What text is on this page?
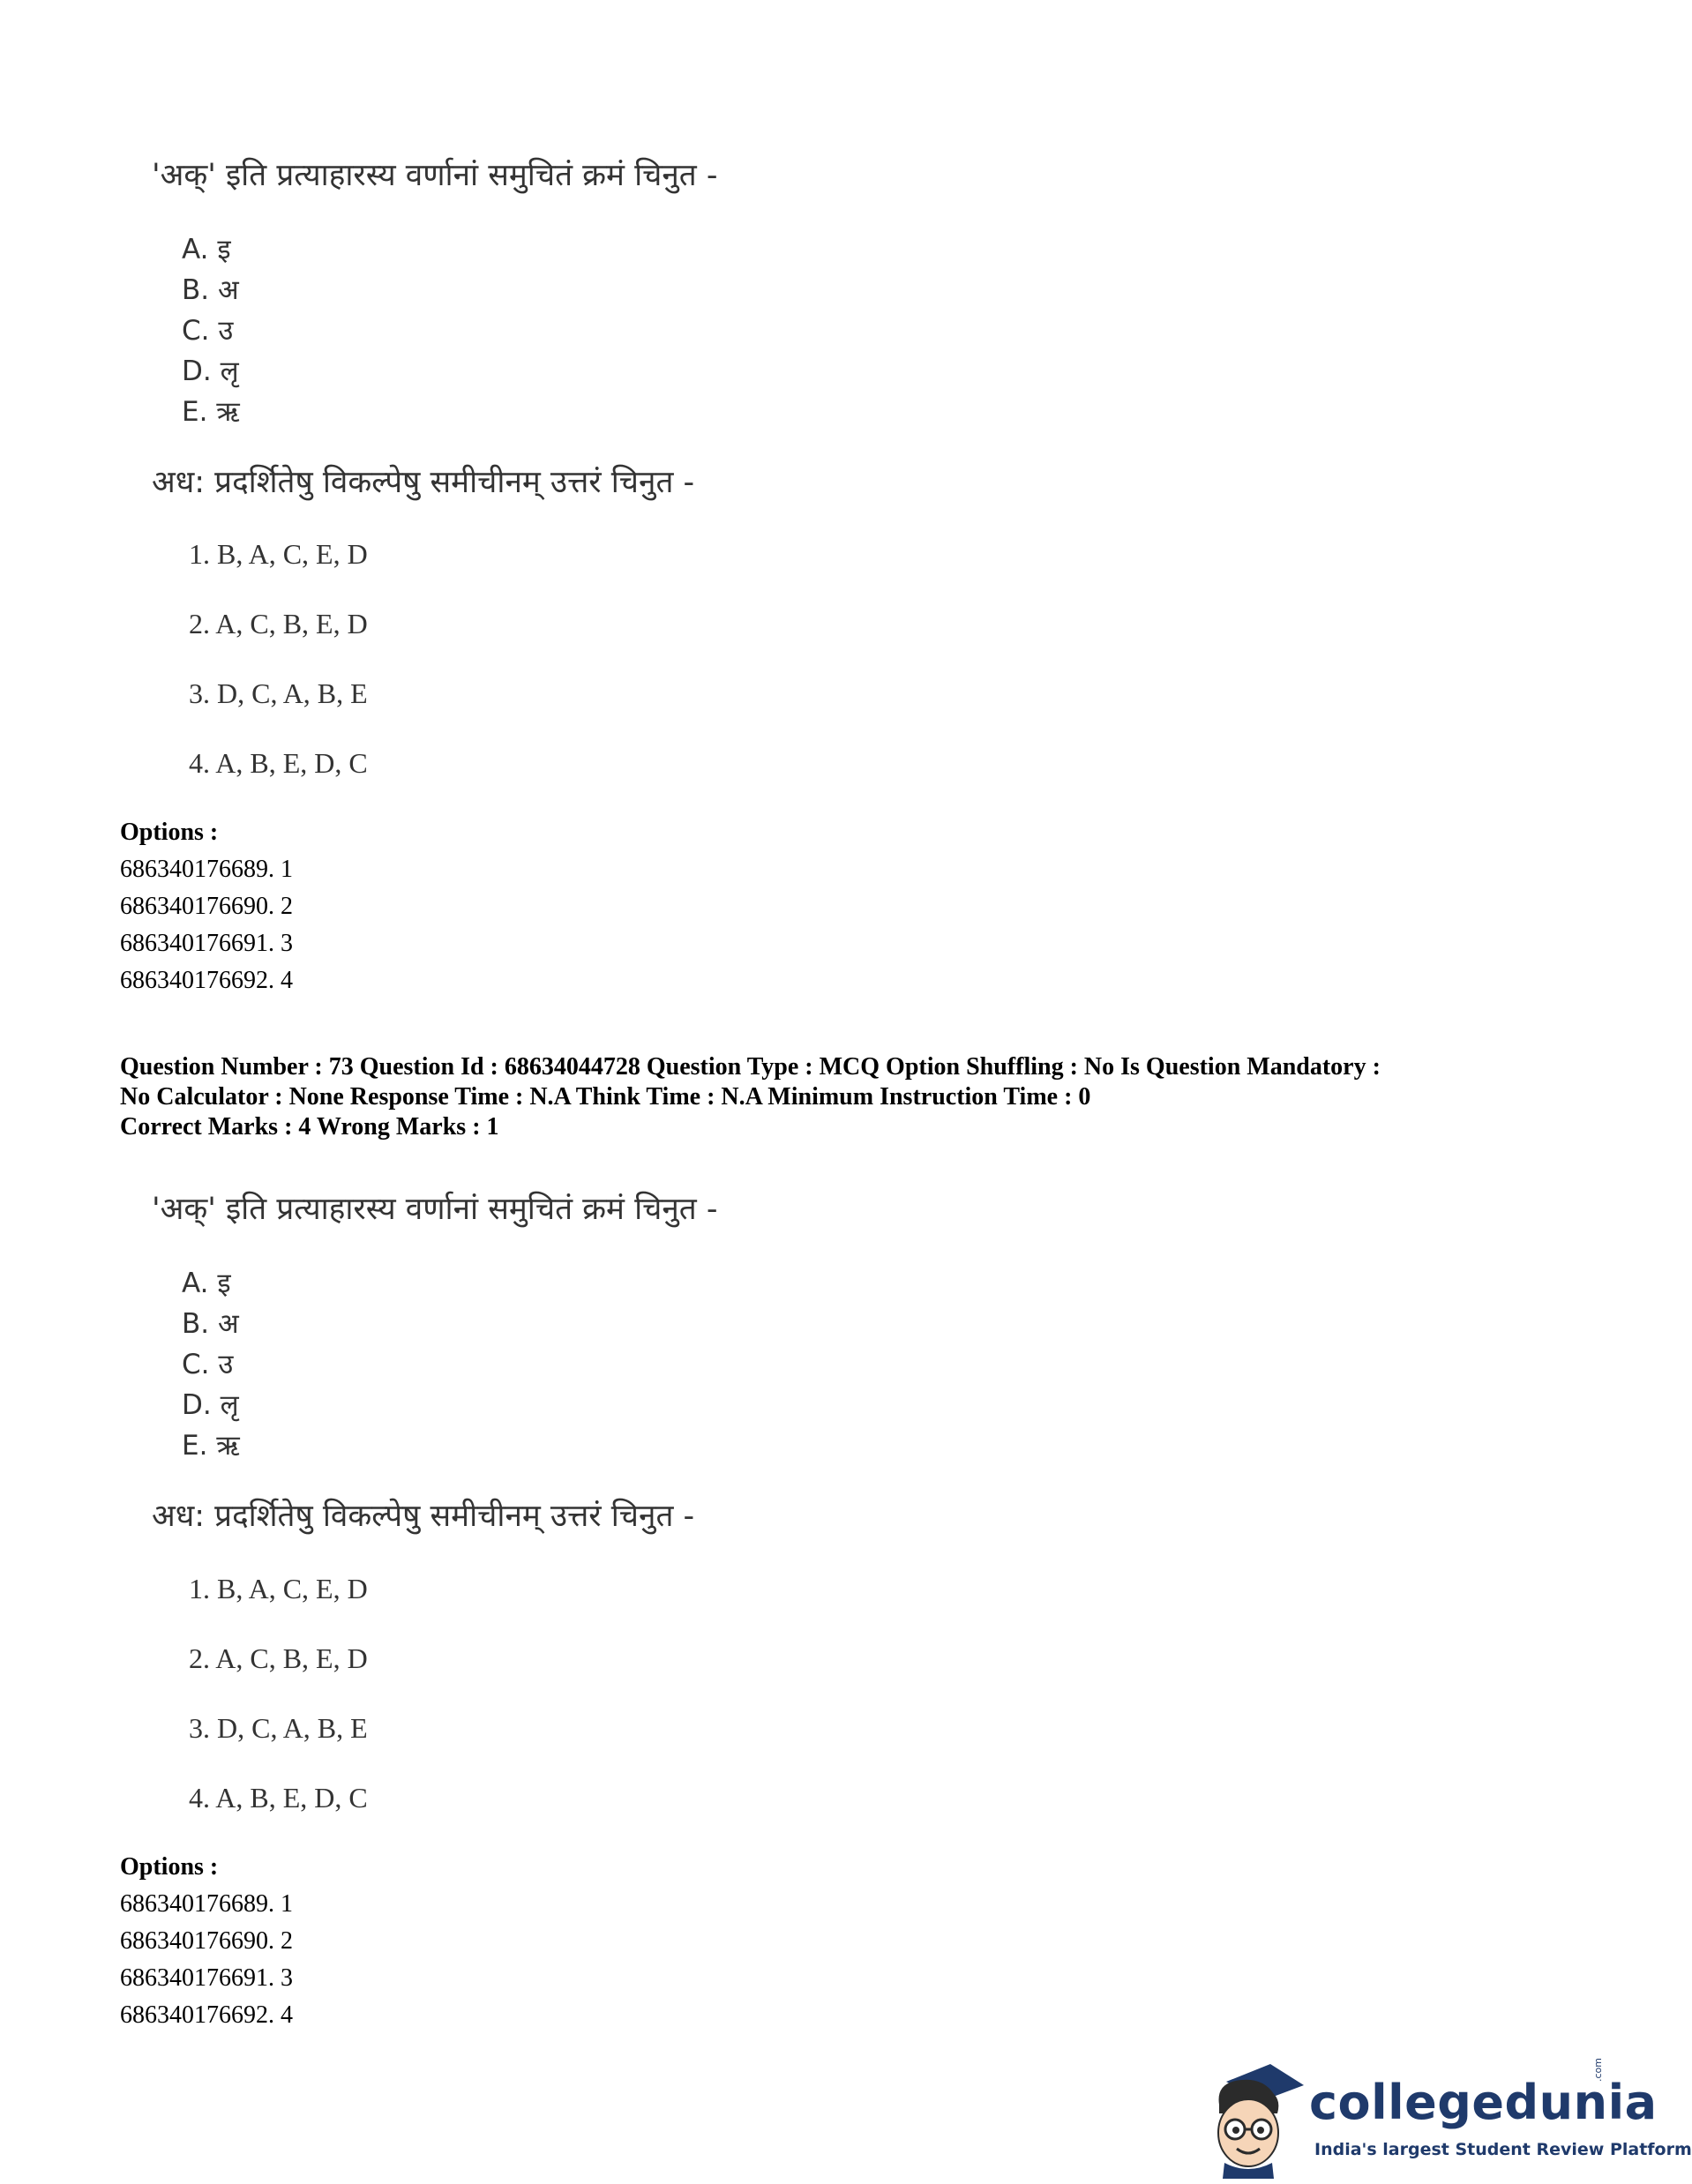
'अक्' इति प्रत्याहारस्य वर्णानां समुचितं क्रमं चिनुत -
A. इ
B. अ
C. उ
D. लृ
E. ऋ
अध: प्रदर्शितेषु विकल्पेषु समीचीनम् उत्तरं चिनुत -
1. B, A, C, E, D
2. A, C, B, E, D
3. D, C, A, B, E
4. A, B, E, D, C
Options :
686340176689. 1
686340176690. 2
686340176691. 3
686340176692. 4
Question Number : 73 Question Id : 68634044728 Question Type : MCQ Option Shuffling : No Is Question Mandatory :
No Calculator : None Response Time : N.A Think Time : N.A Minimum Instruction Time : 0
Correct Marks : 4 Wrong Marks : 1
'अक्' इति प्रत्याहारस्य वर्णानां समुचितं क्रमं चिनुत -
A. इ
B. अ
C. उ
D. लृ
E. ऋ
अध: प्रदर्शितेषु विकल्पेषु समीचीनम् उत्तरं चिनुत -
1. B, A, C, E, D
2. A, C, B, E, D
3. D, C, A, B, E
4. A, B, E, D, C
Options :
686340176689. 1
686340176690. 2
686340176691. 3
686340176692. 4
collegedunia
.com
India's largest Student Review Platform
